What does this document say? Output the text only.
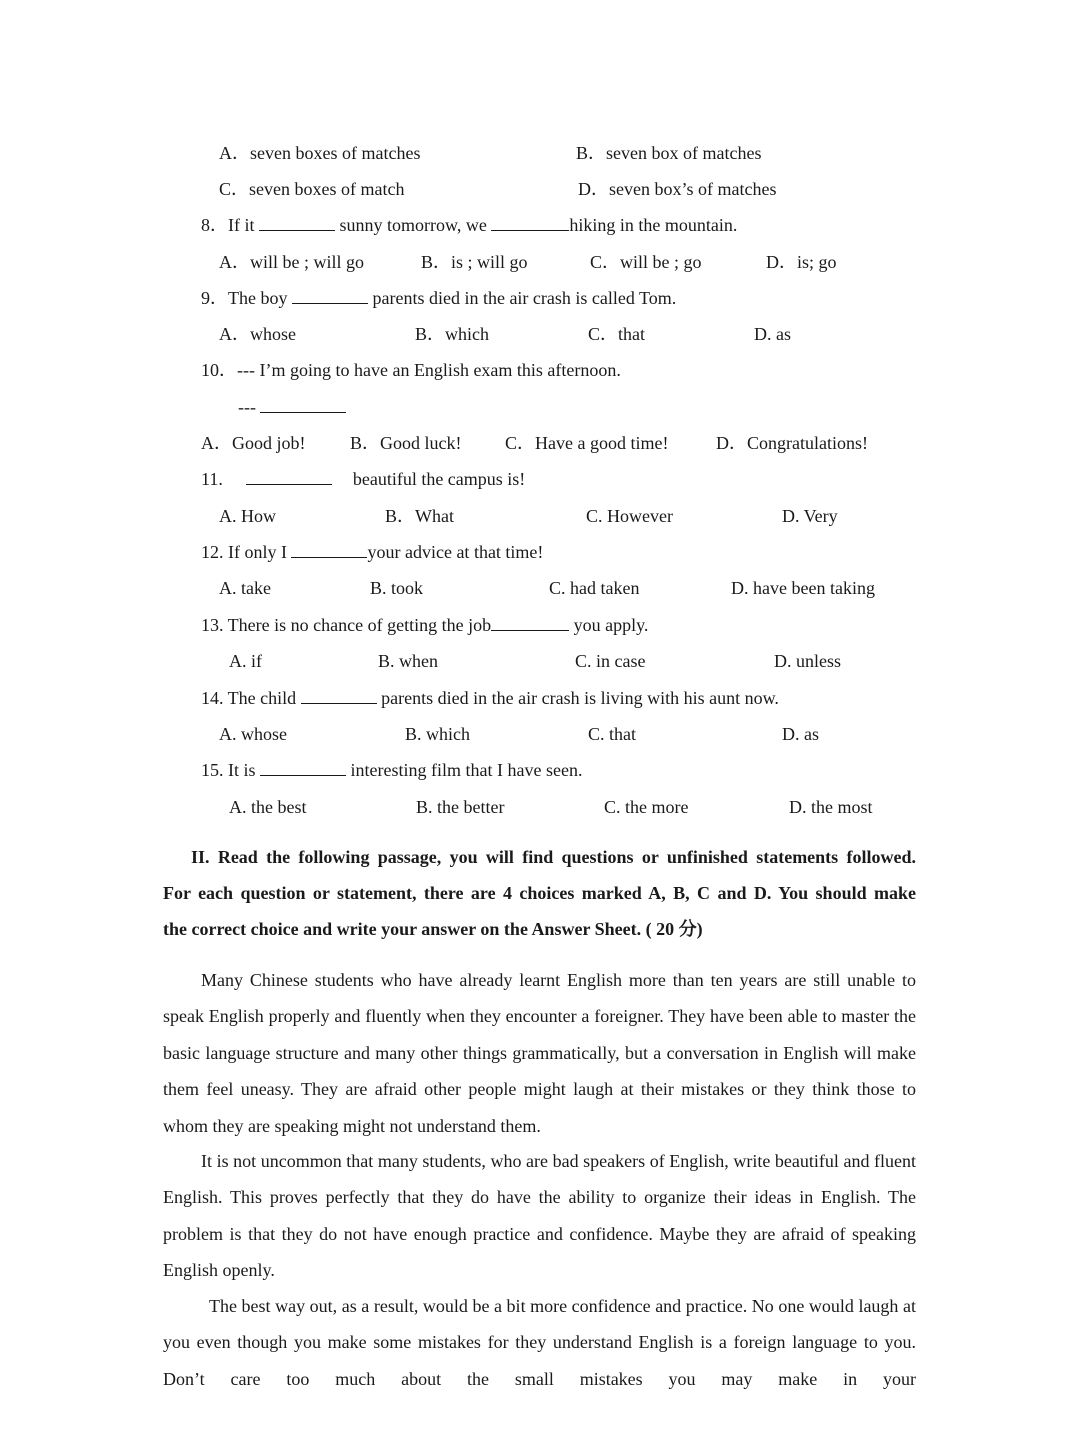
A．seven boxes of matches	B．seven box of matches
C．seven boxes of match	D．seven box’s of matches
8．If it	sunny tomorrow, we	hiking in the mountain.
A．will be ; will go	B．is ; will go	C．will be ; go	D．is; go
9．The boy	parents died in the air crash is called Tom.
A．whose	B．which	C．that	D. as
10．--- I’m going to have an English exam this afternoon.
---
A．Good job! B．Good luck! C．Have a good time!	D．Congratulations!
11.	beautiful the campus is!
A. How	B．What	C. However	D. Very
12. If only I	your advice at that time!
A. take	B. took	C. had taken	D. have been taking
13. There is no chance of getting the job	you apply.
A. if	B. when	C. in case	D. unless
14. The child	parents died in the air crash is living with his aunt now.
A. whose	B. which	C. that	D. as
15. It is	interesting film that I have seen.
A. the best	B. the better	C. the more	D. the most
II. Read the following passage, you will find questions or unfinished statements followed.
For each question or statement, there are 4 choices marked A, B, C and D. You should make
the correct choice and write your answer on the Answer Sheet. ( 20 分)

Many Chinese students who have already learnt English more than ten years are still unable to speak English properly and fluently when they encounter a foreigner. They have been able to master the basic language structure and many other things grammatically, but a conversation in English will make them feel uneasy. They are afraid other people might laugh at their mistakes or they think those to whom they are speaking might not understand them.

It is not uncommon that many students, who are bad speakers of English, write beautiful and fluent English. This proves perfectly that they do have the ability to organize their ideas in English. The problem is that they do not have enough practice and confidence. Maybe they are afraid of speaking English openly.

The best way out, as a result, would be a bit more confidence and practice. No one would laugh at you even though you make some mistakes for they understand English is a foreign language to you. Don’t care too much about the small mistakes you may make in your
